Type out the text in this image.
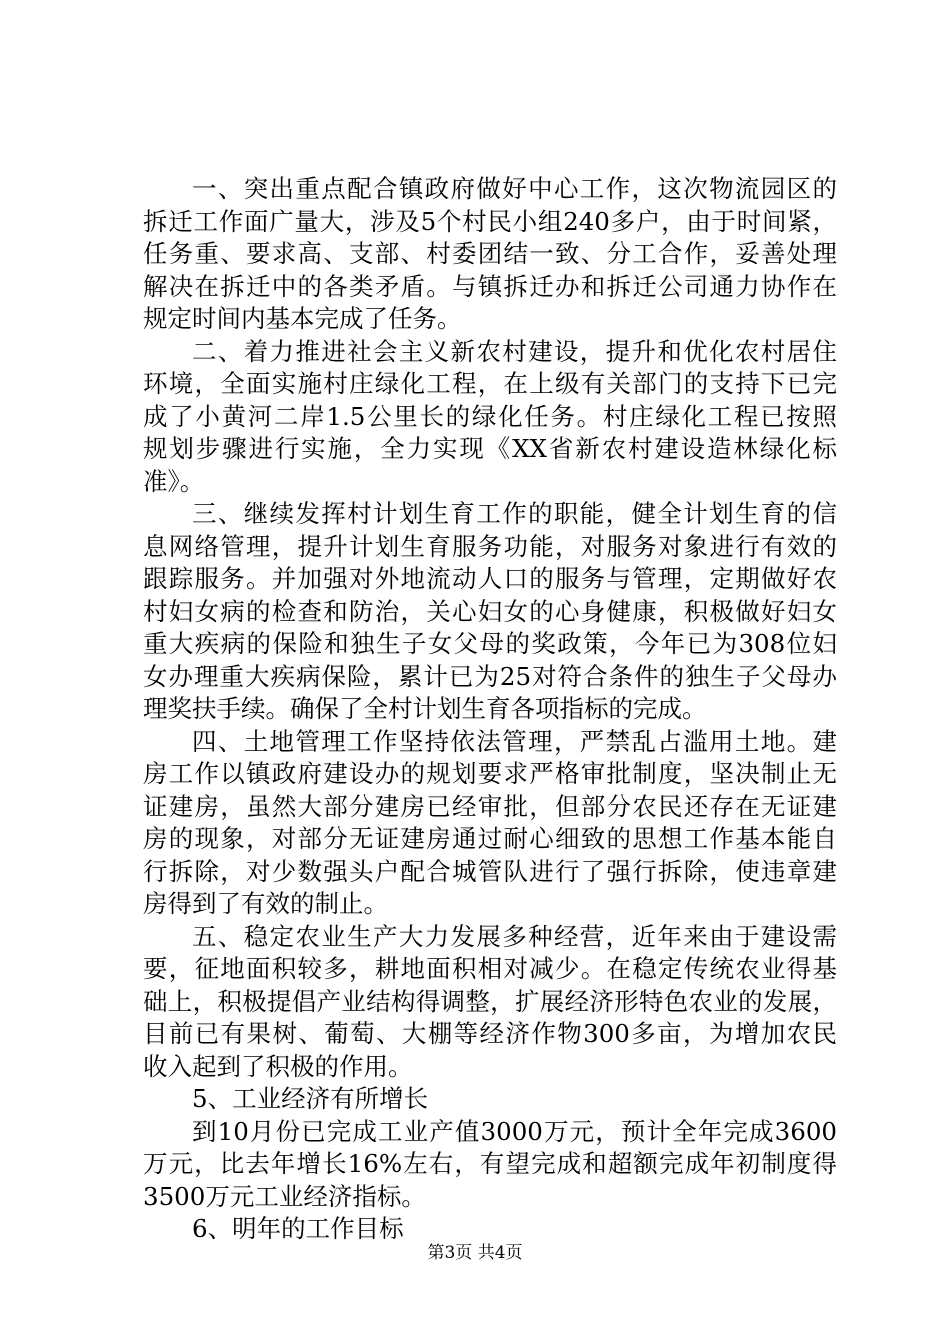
一、突出重点配合镇政府做好中心工作，这次物流园区的
拆迁工作面广量大，涉及5个村民小组240多户，由于时间紧，
任务重、要求高、支部、村委团结一致、分工合作，妥善处理
解决在拆迁中的各类矛盾。与镇拆迁办和拆迁公司通力协作在
规定时间内基本完成了任务。
二、着力推进社会主义新农村建设，提升和优化农村居住
环境，全面实施村庄绿化工程，在上级有关部门的支持下已完
成了小黄河二岸1.5公里长的绿化任务。村庄绿化工程已按照
规划步骤进行实施，全力实现《XX省新农村建设造林绿化标
准》。
三、继续发挥村计划生育工作的职能，健全计划生育的信
息网络管理，提升计划生育服务功能，对服务对象进行有效的
跟踪服务。并加强对外地流动人口的服务与管理，定期做好农
村妇女病的检查和防治，关心妇女的心身健康，积极做好妇女
重大疾病的保险和独生子女父母的奖政策，今年已为308位妇
女办理重大疾病保险，累计已为25对符合条件的独生子父母办
理奖扶手续。确保了全村计划生育各项指标的完成。
四、土地管理工作坚持依法管理，严禁乱占滥用土地。建
房工作以镇政府建设办的规划要求严格审批制度，坚决制止无
证建房，虽然大部分建房已经审批，但部分农民还存在无证建
房的现象，对部分无证建房通过耐心细致的思想工作基本能自
行拆除，对少数强头户配合城管队进行了强行拆除，使违章建
房得到了有效的制止。
五、稳定农业生产大力发展多种经营，近年来由于建设需
要，征地面积较多，耕地面积相对减少。在稳定传统农业得基
础上，积极提倡产业结构得调整，扩展经济形特色农业的发展，
目前已有果树、葡萄、大棚等经济作物300多亩，为增加农民
收入起到了积极的作用。
5、工业经济有所增长
到10月份已完成工业产值3000万元，预计全年完成3600
万元，比去年增长16%左右，有望完成和超额完成年初制度得
3500万元工业经济指标。
6、明年的工作目标
第3页 共4页
